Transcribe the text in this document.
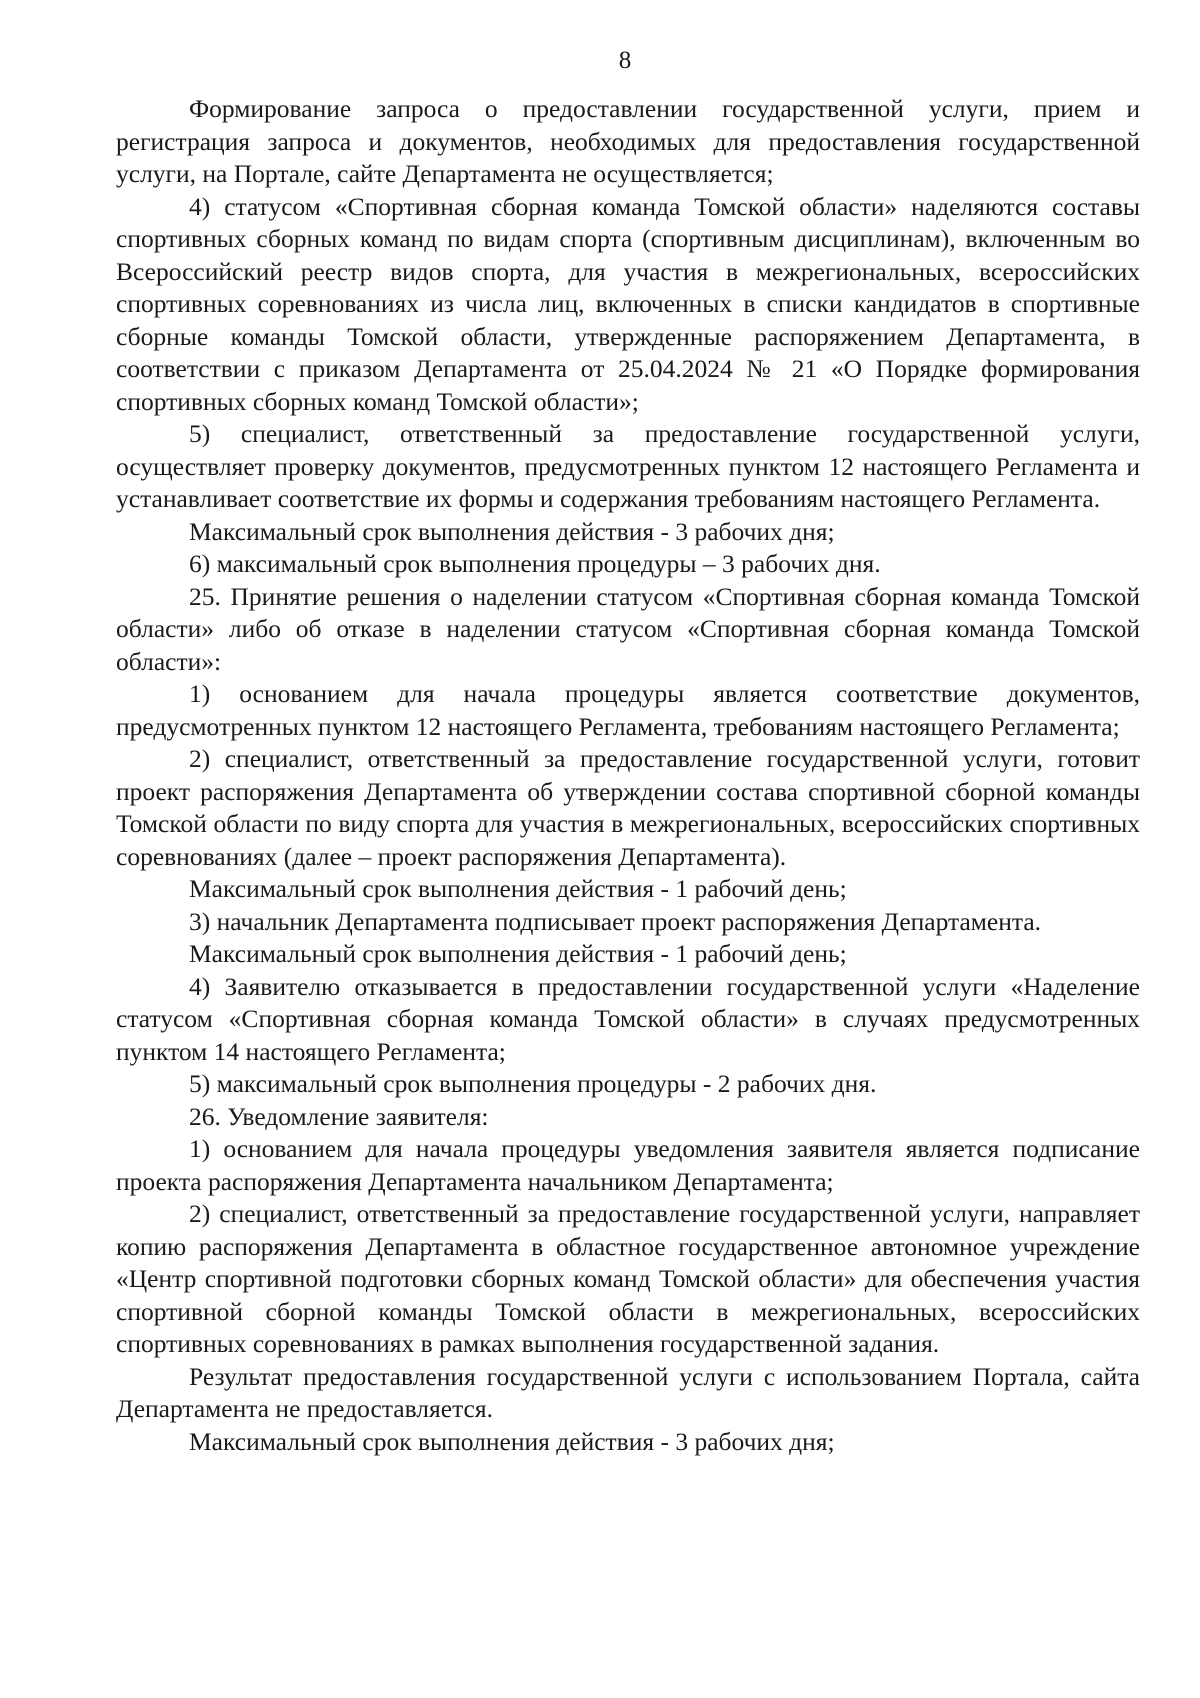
8

Формирование запроса о предоставлении государственной услуги, прием и регистрация запроса и документов, необходимых для предоставления государственной услуги, на Портале, сайте Департамента не осуществляется;

4) статусом «Спортивная сборная команда Томской области» наделяются составы спортивных сборных команд по видам спорта (спортивным дисциплинам), включенным во Всероссийский реестр видов спорта, для участия в межрегиональных, всероссийских спортивных соревнованиях из числа лиц, включенных в списки кандидатов в спортивные сборные команды Томской области, утвержденные распоряжением Департамента, в соответствии с приказом Департамента от 25.04.2024 № 21 «О Порядке формирования спортивных сборных команд Томской области»;

5) специалист, ответственный за предоставление государственной услуги, осуществляет проверку документов, предусмотренных пунктом 12 настоящего Регламента и устанавливает соответствие их формы и содержания требованиям настоящего Регламента.

Максимальный срок выполнения действия - 3 рабочих дня;

6) максимальный срок выполнения процедуры – 3 рабочих дня.

25. Принятие решения о наделении статусом «Спортивная сборная команда Томской области» либо об отказе в наделении статусом «Спортивная сборная команда Томской области»:

1) основанием для начала процедуры является соответствие документов, предусмотренных пунктом 12 настоящего Регламента, требованиям настоящего Регламента;

2) специалист, ответственный за предоставление государственной услуги, готовит проект распоряжения Департамента об утверждении состава спортивной сборной команды Томской области по виду спорта для участия в межрегиональных, всероссийских спортивных соревнованиях (далее – проект распоряжения Департамента).

Максимальный срок выполнения действия - 1 рабочий день;

3) начальник Департамента подписывает проект распоряжения Департамента.

Максимальный срок выполнения действия - 1 рабочий день;

4) Заявителю отказывается в предоставлении государственной услуги «Наделение статусом «Спортивная сборная команда Томской области» в случаях предусмотренных пунктом 14 настоящего Регламента;

5) максимальный срок выполнения процедуры - 2 рабочих дня.

26. Уведомление заявителя:

1) основанием для начала процедуры уведомления заявителя является подписание проекта распоряжения Департамента начальником Департамента;

2) специалист, ответственный за предоставление государственной услуги, направляет копию распоряжения Департамента в областное государственное автономное учреждение «Центр спортивной подготовки сборных команд Томской области» для обеспечения участия спортивной сборной команды Томской области в межрегиональных, всероссийских спортивных соревнованиях в рамках выполнения государственной задания.

Результат предоставления государственной услуги с использованием Портала, сайта Департамента не предоставляется.

Максимальный срок выполнения действия - 3 рабочих дня;
